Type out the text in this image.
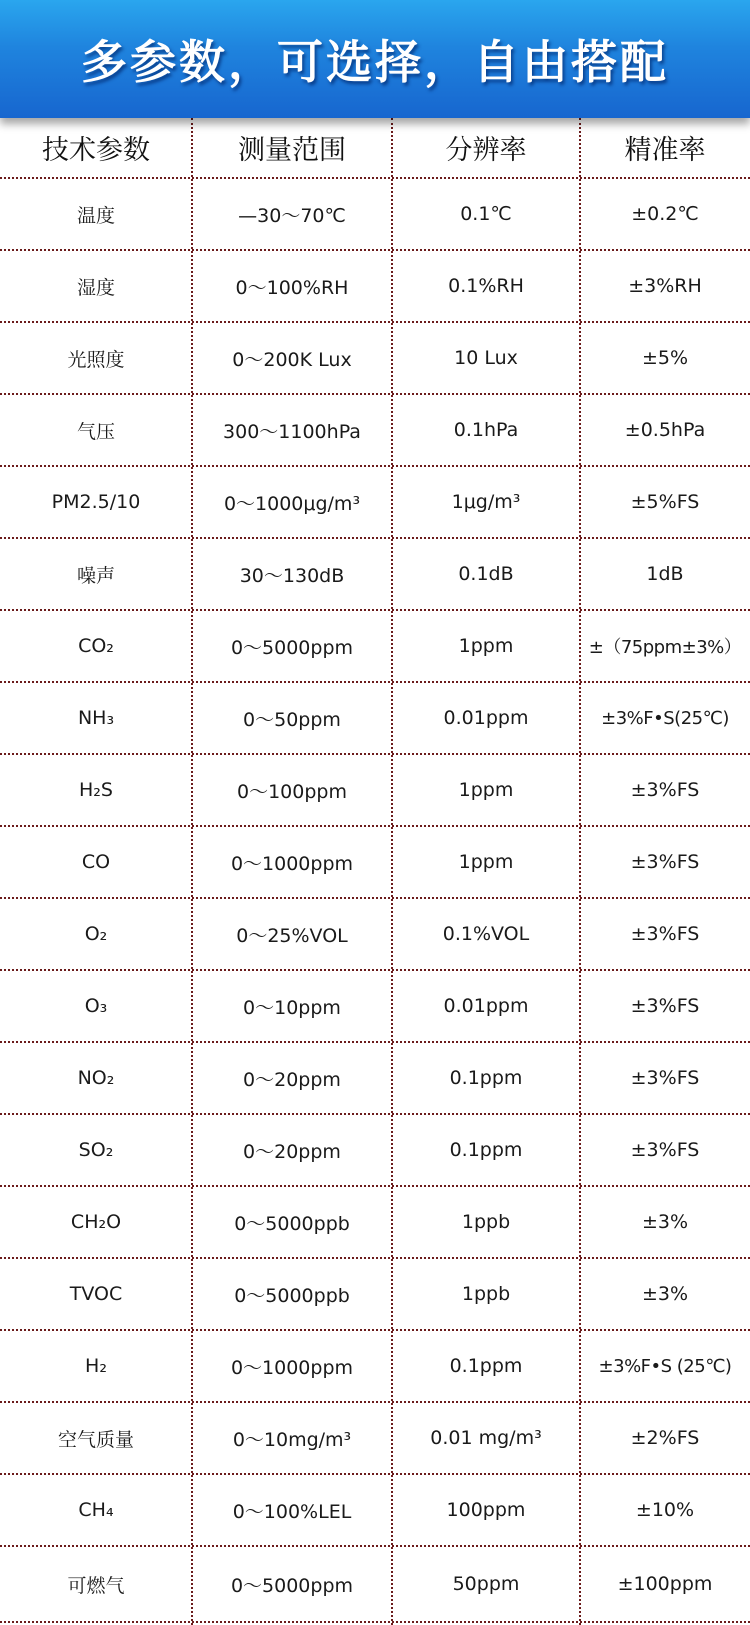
多参数，可选择，自由搭配
技术参数	测量范围	分辨率	精准率
温度	—30～70℃	0.1℃	±0.2℃
湿度	0～100%RH	0.1%RH	±3%RH
光照度	0～200K Lux	10 Lux	±5%
气压	300～1100hPa	0.1hPa	±0.5hPa
PM2.5/10	0～1000μg/m³	1μg/m³	±5%FS
噪声	30～130dB	0.1dB	1dB
CO₂	0～5000ppm	1ppm	±（75ppm±3%）
NH₃	0～50ppm	0.01ppm	±3%F•S(25℃)
H₂S	0～100ppm	1ppm	±3%FS
CO	0～1000ppm	1ppm	±3%FS
O₂	0～25%VOL	0.1%VOL	±3%FS
O₃	0～10ppm	0.01ppm	±3%FS
NO₂	0～20ppm	0.1ppm	±3%FS
SO₂	0～20ppm	0.1ppm	±3%FS
CH₂O	0～5000ppb	1ppb	±3%
TVOC	0～5000ppb	1ppb	±3%
H₂	0～1000ppm	0.1ppm	±3%F•S (25℃)
空气质量	0～10mg/m³	0.01 mg/m³	±2%FS
CH₄	0～100%LEL	100ppm	±10%
可燃气	0～5000ppm	50ppm	±100ppm
